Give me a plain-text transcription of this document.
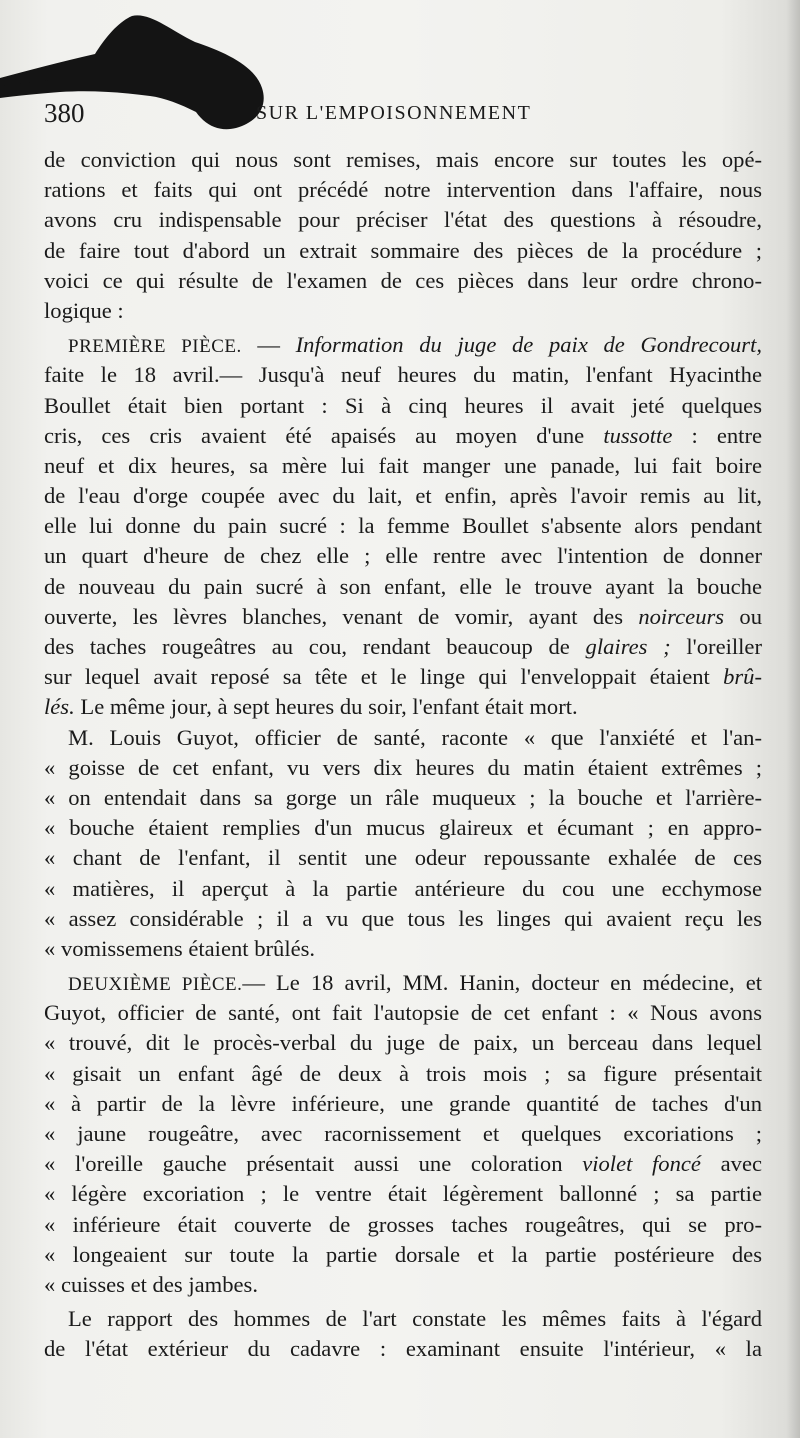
380	SUR L'EMPOISONNEMENT
de conviction qui nous sont remises, mais encore sur toutes les opé-
rations et faits qui ont précédé notre intervention dans l'affaire, nous
avons cru indispensable pour préciser l'état des questions à résoudre,
de faire tout d'abord un extrait sommaire des pièces de la procédure ;
voici ce qui résulte de l'examen de ces pièces dans leur ordre chrono-
logique :
PREMIÈRE PIÈCE. — Information du juge de paix de Gondrecourt,
faite le 18 avril.— Jusqu'à neuf heures du matin, l'enfant Hyacinthe
Boullet était bien portant : Si à cinq heures il avait jeté quelques
cris, ces cris avaient été apaisés au moyen d'une tussotte : entre
neuf et dix heures, sa mère lui fait manger une panade, lui fait boire
de l'eau d'orge coupée avec du lait, et enfin, après l'avoir remis au lit,
elle lui donne du pain sucré : la femme Boullet s'absente alors pendant
un quart d'heure de chez elle ; elle rentre avec l'intention de donner
de nouveau du pain sucré à son enfant, elle le trouve ayant la bouche
ouverte, les lèvres blanches, venant de vomir, ayant des noirceurs ou
des taches rougeâtres au cou, rendant beaucoup de glaires ; l'oreiller
sur lequel avait reposé sa tête et le linge qui l'enveloppait étaient brû-
lés. Le même jour, à sept heures du soir, l'enfant était mort.
M. Louis Guyot, officier de santé, raconte « que l'anxiété et l'an-
« goisse de cet enfant, vu vers dix heures du matin étaient extrêmes ;
« on entendait dans sa gorge un râle muqueux ; la bouche et l'arrière-
« bouche étaient remplies d'un mucus glaireux et écumant ; en appro-
« chant de l'enfant, il sentit une odeur repoussante exhalée de ces
« matières, il aperçut à la partie antérieure du cou une ecchymose
« assez considérable ; il a vu que tous les linges qui avaient reçu les
« vomissemens étaient brûlés.
DEUXIÈME PIÈCE.— Le 18 avril, MM. Hanin, docteur en médecine, et
Guyot, officier de santé, ont fait l'autopsie de cet enfant : « Nous avons
« trouvé, dit le procès-verbal du juge de paix, un berceau dans lequel
« gisait un enfant âgé de deux à trois mois ; sa figure présentait
« à partir de la lèvre inférieure, une grande quantité de taches d'un
« jaune rougeâtre, avec racornissement et quelques excoriations ;
« l'oreille gauche présentait aussi une coloration violet foncé avec
« légère excoriation ; le ventre était légèrement ballonné ; sa partie
« inférieure était couverte de grosses taches rougeâtres, qui se pro-
« longeaient sur toute la partie dorsale et la partie postérieure des
« cuisses et des jambes.
Le rapport des hommes de l'art constate les mêmes faits à l'égard
de l'état extérieur du cadavre : examinant ensuite l'intérieur, « la
